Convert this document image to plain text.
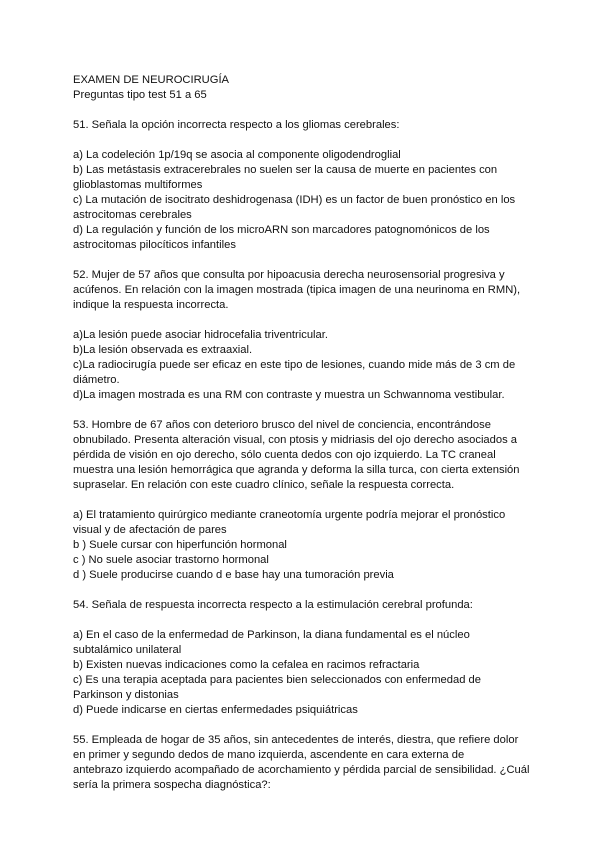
EXAMEN DE NEUROCIRUGÍA
Preguntas tipo test 51 a 65
51. Señala la opción incorrecta respecto a los gliomas cerebrales:
a) La codeleción 1p/19q se asocia al componente oligodendroglial
b) Las metástasis extracerebrales no suelen ser la causa de muerte en pacientes con
glioblastomas multiformes
c) La mutación de isocitrato deshidrogenasa (IDH) es un factor de buen pronóstico en los
astrocitomas cerebrales
d) La regulación y función de los microARN son marcadores patognomónicos de los
astrocitomas pilocíticos infantiles
52. Mujer de 57 años que consulta por hipoacusia derecha neurosensorial progresiva y
acúfenos. En relación con la imagen mostrada (tipica imagen de una neurinoma en RMN),
indique la respuesta incorrecta.
a)La lesión puede asociar hidrocefalia triventricular.
b)La lesión observada es extraaxial.
c)La radiocirugía puede ser eficaz en este tipo de lesiones, cuando mide más de 3 cm de
diámetro.
d)La imagen mostrada es una RM con contraste y muestra un Schwannoma vestibular.
53. Hombre de 67 años con deterioro brusco del nivel de conciencia, encontrándose
obnubilado. Presenta alteración visual, con ptosis y midriasis del ojo derecho asociados a
pérdida de visión en ojo derecho, sólo cuenta dedos con ojo izquierdo. La TC craneal
muestra una lesión hemorrágica que agranda y deforma la silla turca, con cierta extensión
supraselar. En relación con este cuadro clínico, señale la respuesta correcta.
a) El tratamiento quirúrgico mediante craneotomía urgente podría mejorar el pronóstico
visual y de afectación de pares
b ) Suele cursar con hiperfunción hormonal
c ) No suele asociar trastorno hormonal
d ) Suele producirse cuando d e base hay una tumoración previa
54. Señala de respuesta incorrecta respecto a la estimulación cerebral profunda:
a) En el caso de la enfermedad de Parkinson, la diana fundamental es el núcleo
subtalámico unilateral
b) Existen nuevas indicaciones como la cefalea en racimos refractaria
c) Es una terapia aceptada para pacientes bien seleccionados con enfermedad de
Parkinson y distonias
d) Puede indicarse en ciertas enfermedades psiquiátricas
55. Empleada de hogar de 35 años, sin antecedentes de interés, diestra, que refiere dolor
en primer y segundo dedos de mano izquierda, ascendente en cara externa de
antebrazo izquierdo acompañado de acorchamiento y pérdida parcial de sensibilidad. ¿Cuál
sería la primera sospecha diagnóstica?:
